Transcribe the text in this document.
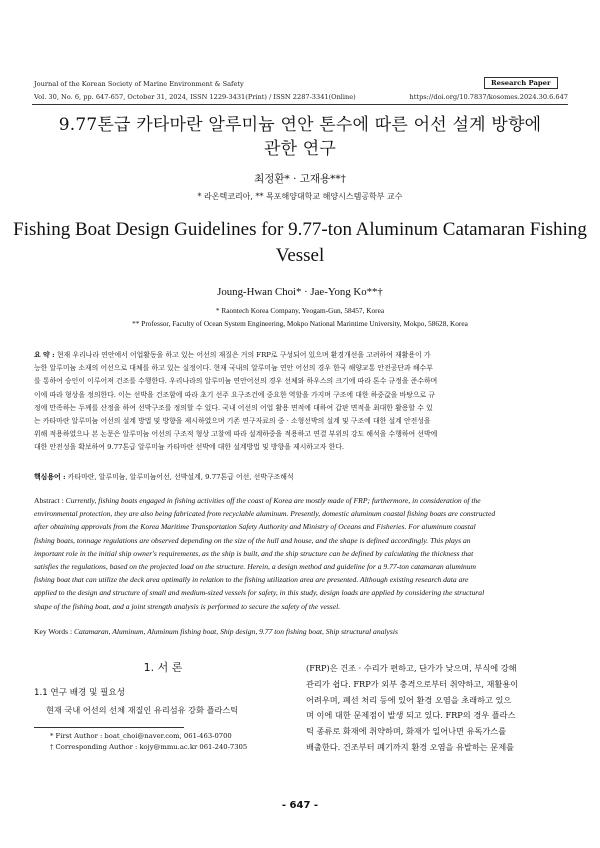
Journal of the Korean Society of Marine Environment & Safety	Research Paper
Vol. 30, No. 6, pp. 647-657, October 31, 2024, ISSN 1229-3431(Print) / ISSN 2287-3341(Online)	https://doi.org/10.7837/kosomes.2024.30.6.647
9.77톤급 카타마란 알루미늄 연안 톤수에 따른 어선 설계 방향에
관한 연구
최정환* · 고재용**†
* 라온텍코리아, ** 목포해양대학교 해양시스템공학부 교수
Fishing Boat Design Guidelines for 9.77-ton Aluminum Catamaran Fishing
Vessel
Joung-Hwan Choi* · Jae-Yong Ko**†
* Raontech Korea Company, Yeogam-Gun, 58457, Korea
** Professor, Faculty of Ocean System Engineering, Mokpo National Marintime University, Mokpo, 58628, Korea
요 약 : 현재 우리나라 연안에서 어업활동을 하고 있는 어선의 재질은 거의 FRP로 구성되어 있으며 환경개선을 고려하여 재활용이 가
능한 알루미늄 소재의 어선으로 대체를 하고 있는 실정이다. 현재 국내의 알루미늄 연안 어선의 경우 한국 해양교통 안전공단과 해수부
를 통하여 승인이 이루어져 건조를 수행한다. 우리나라의 알루미늄 연안어선의 경우 선체와 하우스의 크기에 따라 톤수 규정을 준수하며
이에 따라 형상을 정의한다. 이는 선박을 건조함에 따라 초기 선주 요구조건에 중요한 역할을 가지며 구조에 대한 하중값을 바탕으로 규
정에 만족하는 두께를 산정을 하여 선박구조를 정의할 수 있다. 국내 어선의 어업 활용 면적에 대하여 갑판 면적을 최대한 활용할 수 있
는 카타마란 알루미늄 어선의 설계 방법 및 방향을 제시하였으며 기존 연구자료의 중 · 소형선박의 설계 및 구조에 대한 설계 안전성을
위해 적용하였으나 본 논문은 알루미늄 어선의 구조적 형상 고찰에 따라 설계하중을 적용하고 연결 부위의 강도 해석을 수행하여 선박에
대한 안전성을 확보하여 9.77톤급 알루미늄 카타마란 선박에 대한 설계방법 및 방향을 제시하고자 한다.
핵심용어 : 카타마란, 알루미늄, 알루미늄어선, 선박설계, 9.77톤급 어선, 선박구조해석
Abstract : Currently, fishing boats engaged in fishing activities off the coast of Korea are mostly made of FRP; furthermore, in consideration of the
environmental protection, they are also being fabricated from recyclable aluminum. Presently, domestic aluminum coastal fishing boats are constructed
after obtaining approvals from the Korea Maritime Transportation Safety Authority and Ministry of Oceans and Fisheries. For aluminum coastal
fishing boats, tonnage regulations are observed depending on the size of the hull and house, and the shape is defined accordingly. This plays an
important role in the initial ship owner's requirements, as the ship is built, and the ship structure can be defined by calculating the thickness that
satisfies the regulations, based on the projected load on the structure. Herein, a design method and guideline for a 9.77-ton catamaran aluminum
fishing boat that can utilize the deck area optimally in relation to the fishing utilization area are presented. Although existing research data are
applied to the design and structure of small and medium-sized vessels for safety, in this study, design loads are applied by considering the structural
shape of the fishing boat, and a joint strength analysis is performed to secure the safety of the vessel.
Key Words : Catamaran, Aluminum, Aluminum fishing boat, Ship design, 9.77 ton fishing boat, Ship structural analysis
1. 서 론
1.1 연구 배경 및 필요성
현재 국내 어선의 선체 재질인 유리섬유 강화 플라스틱
* First Author : boat_choi@naver.com, 061-463-0700
† Corresponding Author : kojy@mmu.ac.kr 061-240-7305
(FRP)은 건조 · 수리가 편하고, 단가가 낮으며, 부식에 강해
관리가 쉽다. FRP가 외부 충격으로부터 취약하고, 재활용이
어려우며, 폐선 처리 등에 있어 환경 오염을 초래하고 있으
며 이에 대한 문제점이 발생 되고 있다. FRP의 경우 플라스
틱 종류로 화재에 취약하며, 화재가 일어나면 유독가스를
배출한다. 건조부터 폐기까지 환경 오염을 유발하는 문제를
- 647 -
